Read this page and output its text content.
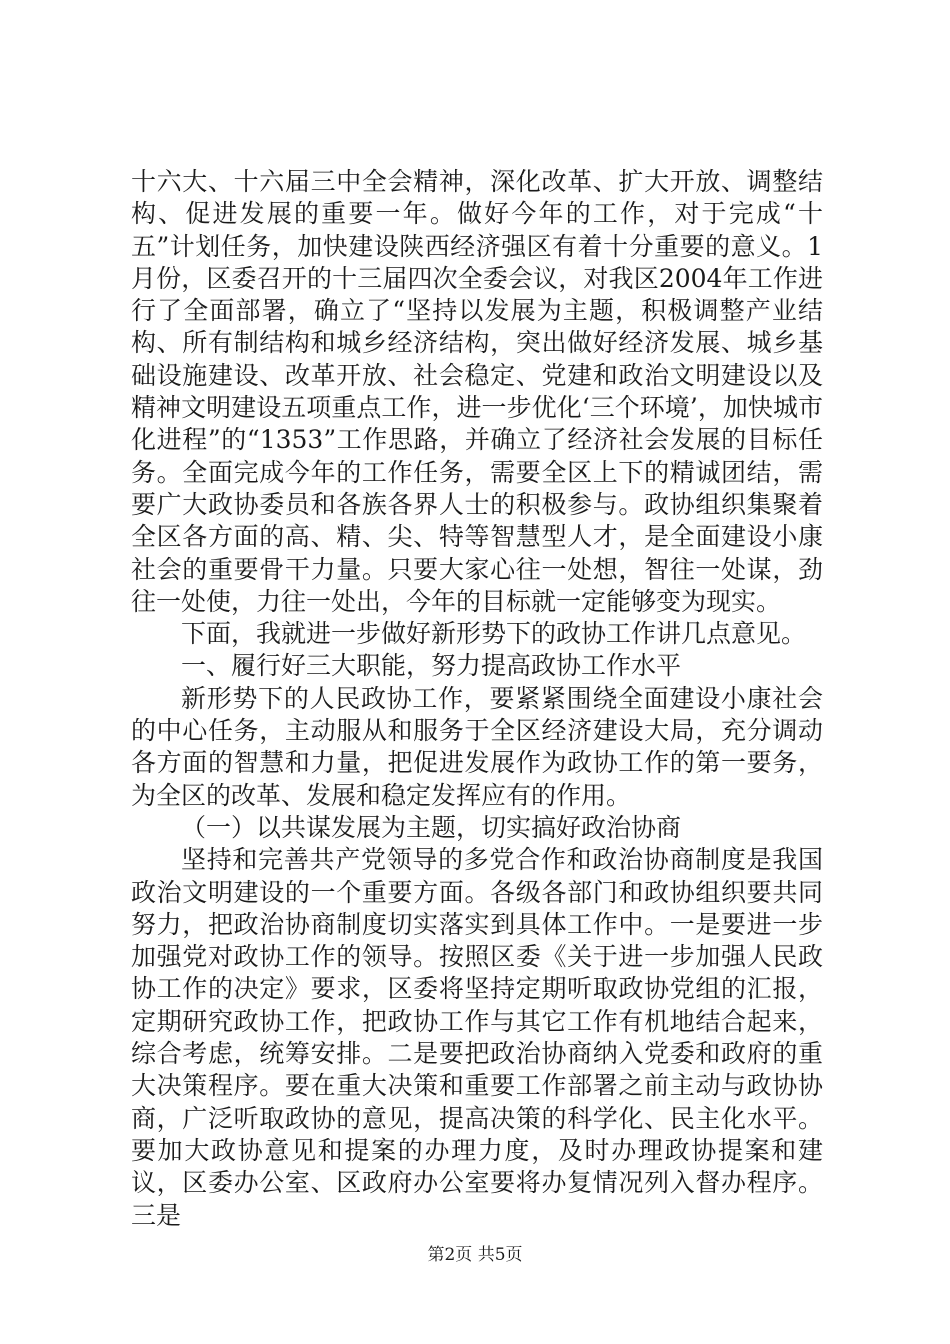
十六大、十六届三中全会精神，深化改革、扩大开放、调整结构、促进发展的重要一年。做好今年的工作，对于完成“十五”计划任务，加快建设陕西经济强区有着十分重要的意义。1月份，区委召开的十三届四次全委会议，对我区2004年工作进行了全面部署，确立了“坚持以发展为主题，积极调整产业结构、所有制结构和城乡经济结构，突出做好经济发展、城乡基础设施建设、改革开放、社会稳定、党建和政治文明建设以及精神文明建设五项重点工作，进一步优化‘三个环境’，加快城市化进程”的“1353”工作思路，并确立了经济社会发展的目标任务。全面完成今年的工作任务，需要全区上下的精诚团结，需要广大政协委员和各族各界人士的积极参与。政协组织集聚着全区各方面的高、精、尖、特等智慧型人才，是全面建设小康社会的重要骨干力量。只要大家心往一处想，智往一处谋，劲往一处使，力往一处出，今年的目标就一定能够变为现实。

下面，我就进一步做好新形势下的政协工作讲几点意见。

一、履行好三大职能，努力提高政协工作水平

新形势下的人民政协工作，要紧紧围绕全面建设小康社会的中心任务，主动服从和服务于全区经济建设大局，充分调动各方面的智慧和力量，把促进发展作为政协工作的第一要务，为全区的改革、发展和稳定发挥应有的作用。

（一）以共谋发展为主题，切实搞好政治协商

坚持和完善共产党领导的多党合作和政治协商制度是我国政治文明建设的一个重要方面。各级各部门和政协组织要共同努力，把政治协商制度切实落实到具体工作中。一是要进一步加强党对政协工作的领导。按照区委《关于进一步加强人民政协工作的决定》要求，区委将坚持定期听取政协党组的汇报，定期研究政协工作，把政协工作与其它工作有机地结合起来，综合考虑，统筹安排。二是要把政治协商纳入党委和政府的重大决策程序。要在重大决策和重要工作部署之前主动与政协协商，广泛听取政协的意见，提高决策的科学化、民主化水平。要加大政协意见和提案的办理力度，及时办理政协提案和建议，区委办公室、区政府办公室要将办复情况列入督办程序。三是

第2页 共5页
